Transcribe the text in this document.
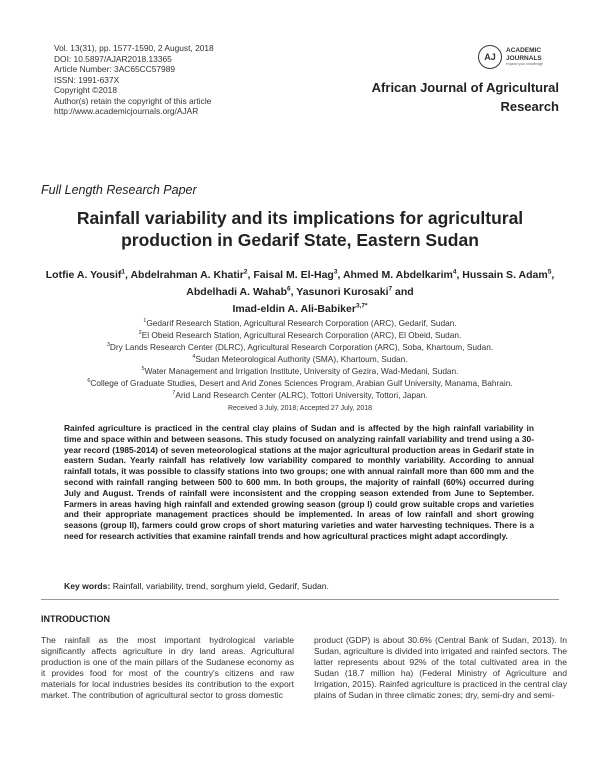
Vol. 13(31), pp. 1577-1590, 2 August, 2018
DOI: 10.5897/AJAR2018.13365
Article Number: 3AC65CC57989
ISSN: 1991-637X
Copyright ©2018
Author(s) retain the copyright of this article
http://www.academicjournals.org/AJAR
AJ
ACADEMIC
JOURNALS
expand your knowledge
African Journal of Agricultural
Research
Full Length Research Paper
Rainfall variability and its implications for agricultural
production in Gedarif State, Eastern Sudan
Lotfie A. Yousif$^1$, Abdelrahman A. Khatir$^2$, Faisal M. El-Hag$^3$, Ahmed M. Abdelkarim$^4$, Hussain S. Adam$^5$, Abdelhadi A. Wahab$^6$, Yasunori Kurosaki$^7$ and
Imad-eldin A. Ali-Babiker$^{3,7*}$
$^1$Gedarif Research Station, Agricultural Research Corporation (ARC), Gedarif, Sudan.
$^2$El Obeid Research Station, Agricultural Research Corporation (ARC), El Obeid, Sudan.
$^3$Dry Lands Research Center (DLRC), Agricultural Research Corporation (ARC), Soba, Khartoum, Sudan.
$^4$Sudan Meteorological Authority (SMA), Khartoum, Sudan.
$^5$Water Management and Irrigation Institute, University of Gezira, Wad-Medani, Sudan.
$^6$College of Graduate Studies, Desert and Arid Zones Sciences Program, Arabian Gulf University, Manama, Bahrain.
$^7$Arid Land Research Center (ALRC), Tottori University, Tottori, Japan.
Received 3 July, 2018; Accepted 27 July, 2018
Rainfed agriculture is practiced in the central clay plains of Sudan and is affected by the high rainfall variability in time and space within and between seasons. This study focused on analyzing rainfall variability and trend using a 30-year record (1985-2014) of seven meteorological stations at the major agricultural production areas in Gedarif state in eastern Sudan. Yearly rainfall has relatively low variability compared to monthly variability. According to annual rainfall totals, it was possible to classify stations into two groups; one with annual rainfall more than 600 mm and the second with rainfall ranging between 500 to 600 mm. In both groups, the majority of rainfall (60%) occurred during July and August. Trends of rainfall were inconsistent and the cropping season extended from June to September. Farmers in areas having high rainfall and extended growing season (group I) could grow suitable crops and varieties and their appropriate management practices should be implemented. In areas of low rainfall and short growing seasons (group II), farmers could grow crops of short maturing varieties and water harvesting techniques. There is a need for research activities that examine rainfall trends and how agricultural practices might adapt accordingly.
Key words: Rainfall, variability, trend, sorghum yield, Gedarif, Sudan.
INTRODUCTION
The rainfall as the most important hydrological variable significantly affects agriculture in dry land areas. Agricultural production is one of the main pillars of the Sudanese economy as it provides food for most of the country's citizens and raw materials for local industries besides its contribution to the export market. The contribution of agricultural sector to gross domestic
product (GDP) is about 30.6% (Central Bank of Sudan, 2013). In Sudan, agriculture is divided into irrigated and rainfed sectors. The latter represents about 92% of the total cultivated area in the Sudan (18.7 million ha) (Federal Ministry of Agriculture and Irrigation, 2015). Rainfed agriculture is practiced in the central clay plains of Sudan in three climatic zones; dry, semi-dry and semi-
